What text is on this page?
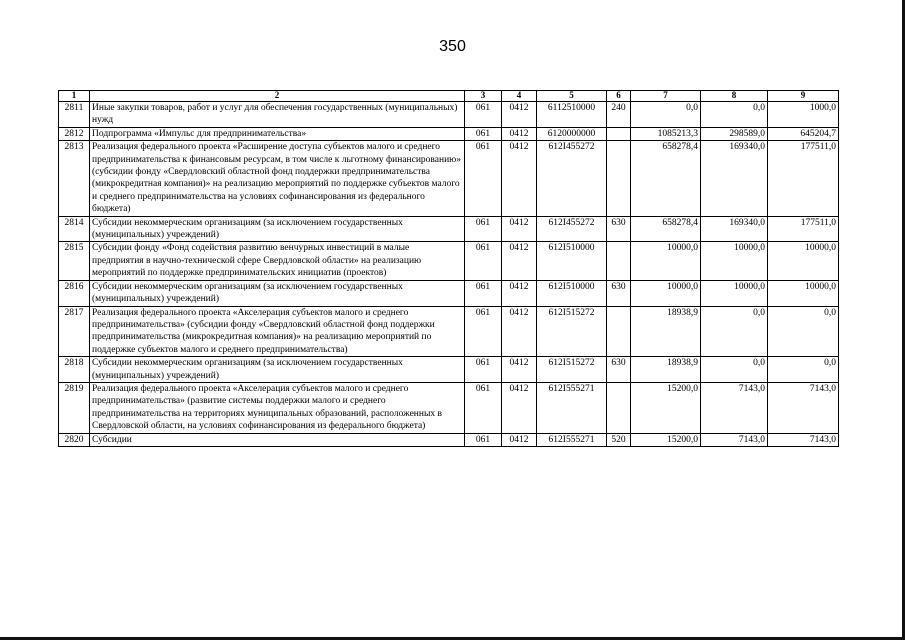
350
1	2	3	4	5	6	7	8	9
2811	Иные закупки товаров, работ и услуг для обеспечения государственных (муниципальных) нужд	061	0412	6112510000	240	0,0	0,0	1000,0
2812	Подпрограмма «Импульс для предпринимательства»	061	0412	6120000000		1085213,3	298589,0	645204,7
2813	Реализация федерального проекта «Расширение доступа субъектов малого и среднего предпринимательства к финансовым ресурсам, в том числе к льготному финансированию» (субсидии фонду «Свердловский областной фонд поддержки предпринимательства (микрокредитная компания)» на реализацию мероприятий по поддержке субъектов малого и среднего предпринимательства на условиях софинансирования из федерального бюджета)	061	0412	612I455272		658278,4	169340,0	177511,0
2814	Субсидии некоммерческим организациям (за исключением государственных (муниципальных) учреждений)	061	0412	612I455272	630	658278,4	169340,0	177511,0
2815	Субсидии фонду «Фонд содействия развитию венчурных инвестиций в малые предприятия в научно-технической сфере Свердловской области» на реализацию мероприятий по поддержке предпринимательских инициатив (проектов)	061	0412	612I510000		10000,0	10000,0	10000,0
2816	Субсидии некоммерческим организациям (за исключением государственных (муниципальных) учреждений)	061	0412	612I510000	630	10000,0	10000,0	10000,0
2817	Реализация федерального проекта «Акселерация субъектов малого и среднего предпринимательства» (субсидии фонду «Свердловский областной фонд поддержки предпринимательства (микрокредитная компания)» на реализацию мероприятий по поддержке субъектов малого и среднего предпринимательства)	061	0412	612I515272		18938,9	0,0	0,0
2818	Субсидии некоммерческим организациям (за исключением государственных (муниципальных) учреждений)	061	0412	612I515272	630	18938,9	0,0	0,0
2819	Реализация федерального проекта «Акселерация субъектов малого и среднего предпринимательства» (развитие системы поддержки малого и среднего предпринимательства на территориях муниципальных образований, расположенных в Свердловской области, на условиях софинансирования из федерального бюджета)	061	0412	612I555271		15200,0	7143,0	7143,0
2820	Субсидии	061	0412	612I555271	520	15200,0	7143,0	7143,0
